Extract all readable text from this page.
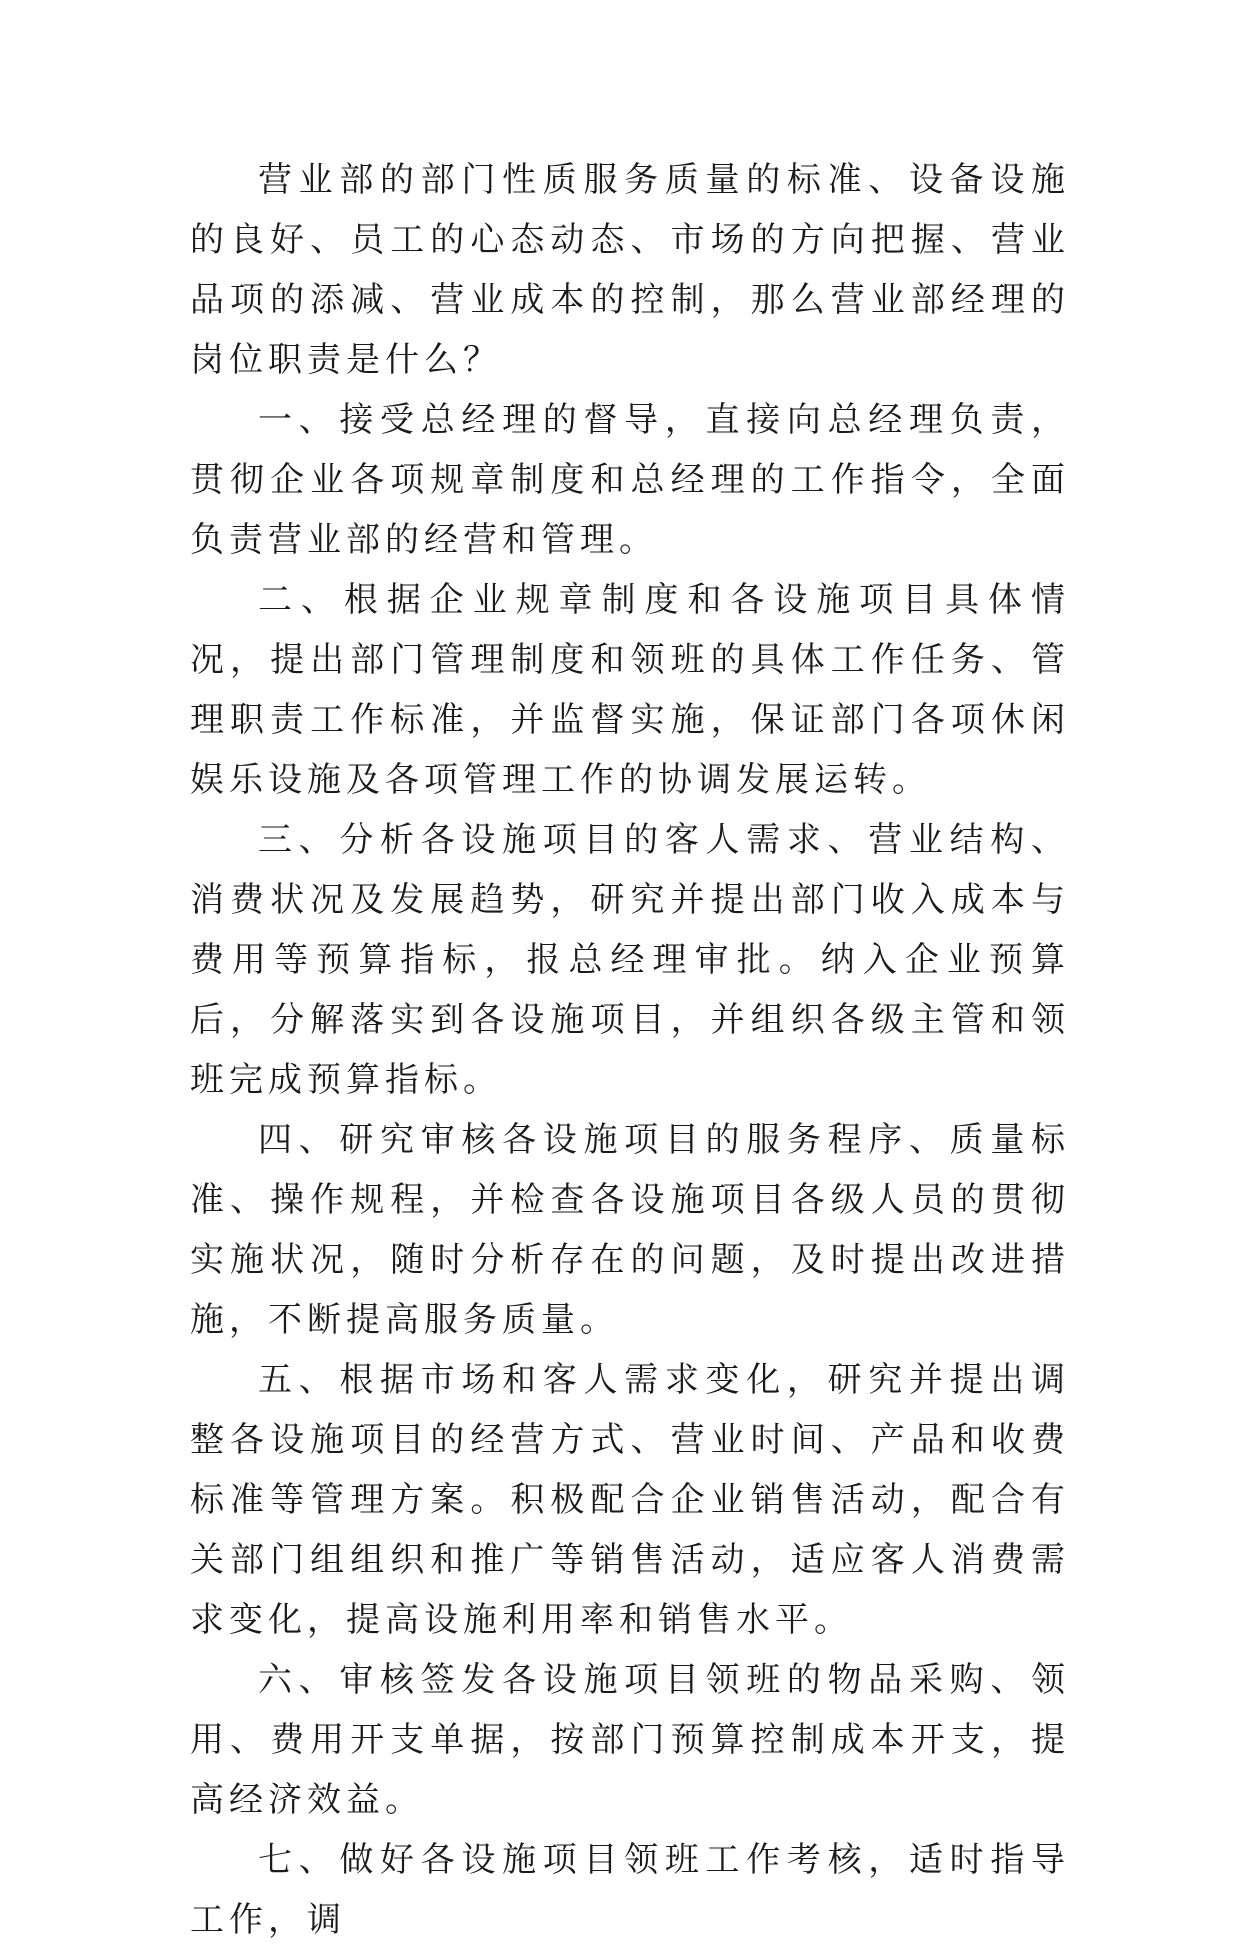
营业部的部门性质服务质量的标准、设备设施的良好、员工的心态动态、市场的方向把握、营业品项的添减、营业成本的控制，那么营业部经理的岗位职责是什么？

一、接受总经理的督导，直接向总经理负责，贯彻企业各项规章制度和总经理的工作指令，全面负责营业部的经营和管理。

二、根据企业规章制度和各设施项目具体情况，提出部门管理制度和领班的具体工作任务、管理职责工作标准，并监督实施，保证部门各项休闲娱乐设施及各项管理工作的协调发展运转。

三、分析各设施项目的客人需求、营业结构、消费状况及发展趋势，研究并提出部门收入成本与费用等预算指标，报总经理审批。纳入企业预算后，分解落实到各设施项目，并组织各级主管和领班完成预算指标。

四、研究审核各设施项目的服务程序、质量标准、操作规程，并检查各设施项目各级人员的贯彻实施状况，随时分析存在的问题，及时提出改进措施，不断提高服务质量。

五、根据市场和客人需求变化，研究并提出调整各设施项目的经营方式、营业时间、产品和收费标准等管理方案。积极配合企业销售活动，配合有关部门组组织和推广等销售活动，适应客人消费需求变化，提高设施利用率和销售水平。

六、审核签发各设施项目领班的物品采购、领用、费用开支单据，按部门预算控制成本开支，提高经济效益。

七、做好各设施项目领班工作考核，适时指导工作，调
